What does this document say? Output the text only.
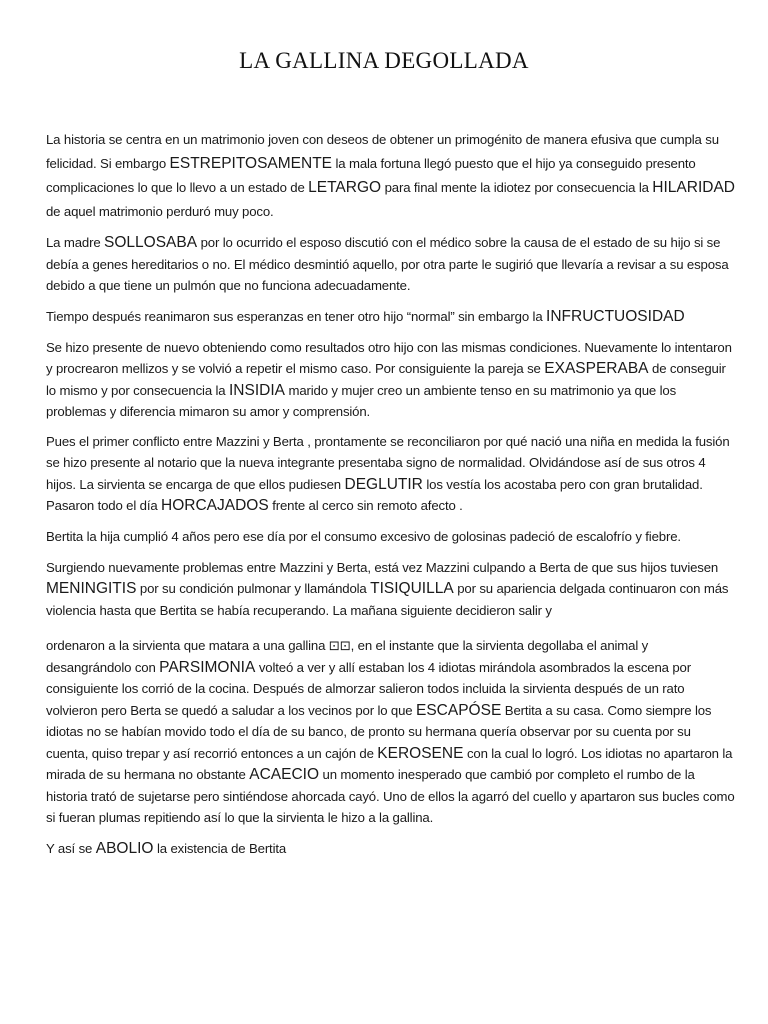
LA GALLINA DEGOLLADA

La historia se centra en un matrimonio joven con deseos de obtener un primogénito de manera efusiva que cumpla su felicidad. Si embargo ESTREPITOSAMENTE la mala fortuna llegó puesto que el hijo ya conseguido presento complicaciones lo que lo llevo a un estado de LETARGO para final mente la idiotez por consecuencia la HILARIDAD de aquel matrimonio perduró muy poco.

La madre SOLLOSABA por lo ocurrido el esposo discutió con el médico sobre la causa de el estado de su hijo si se debía a genes hereditarios o no. El médico desmintió aquello, por otra parte le sugirió que llevaría a revisar a su esposa debido a que tiene un pulmón que no funciona adecuadamente.

Tiempo después reanimaron sus esperanzas en tener otro hijo “normal” sin embargo la INFRUCTUOSIDAD

Se hizo presente de nuevo obteniendo como resultados otro hijo con las mismas condiciones. Nuevamente lo intentaron y procrearon mellizos y se volvió a repetir el mismo caso. Por consiguiente la pareja se EXASPERABA de conseguir lo mismo y por consecuencia la INSIDIA marido y mujer creo un ambiente tenso en su matrimonio ya que los problemas y diferencia mimaron su amor y comprensión.

Pues el primer conflicto entre Mazzini y Berta , prontamente se reconciliaron por qué nació una niña en medida la fusión se hizo presente al notario que la nueva integrante presentaba signo de normalidad. Olvidándose así de sus otros 4 hijos. La sirvienta se encarga de que ellos pudiesen DEGLUTIR los vestía los acostaba pero con gran brutalidad. Pasaron todo el día HORCAJADOS frente al cerco sin remoto afecto .

Bertita la hija cumplió 4 años pero ese día por el consumo excesivo de golosinas padeció de escalofrío y fiebre.

Surgiendo nuevamente problemas entre Mazzini y Berta, está vez Mazzini culpando a Berta de que sus hijos tuviesen MENINGITIS por su condición pulmonar y llamándola TISIQUILLA por su apariencia delgada continuaron con más violencia hasta que Bertita se había recuperando. La mañana siguiente decidieron salir y

ordenaron a la sirvienta que matara a una gallina ⊡⊡, en el instante que la sirvienta degollaba el animal y desangrándolo con PARSIMONIA volteó a ver y allí estaban los 4 idiotas mirándola asombrados la escena por consiguiente los corrió de la cocina. Después de almorzar salieron todos incluida la sirvienta después de un rato volvieron pero Berta se quedó a saludar a los vecinos por lo que ESCAPÓSE Bertita a su casa. Como siempre los idiotas no se habían movido todo el día de su banco, de pronto su hermana quería observar por su cuenta por su cuenta, quiso trepar y así recorrió entonces a un cajón de KEROSENE con la cual lo logró. Los idiotas no apartaron la mirada de su hermana no obstante ACAECIO un momento inesperado que cambió por completo el rumbo de la historia trató de sujetarse pero sintiéndose ahorcada cayó. Uno de ellos la agarró del cuello y apartaron sus bucles como si fueran plumas repitiendo así lo que la sirvienta le hizo a la gallina.

Y así se ABOLIO la existencia de Bertita
